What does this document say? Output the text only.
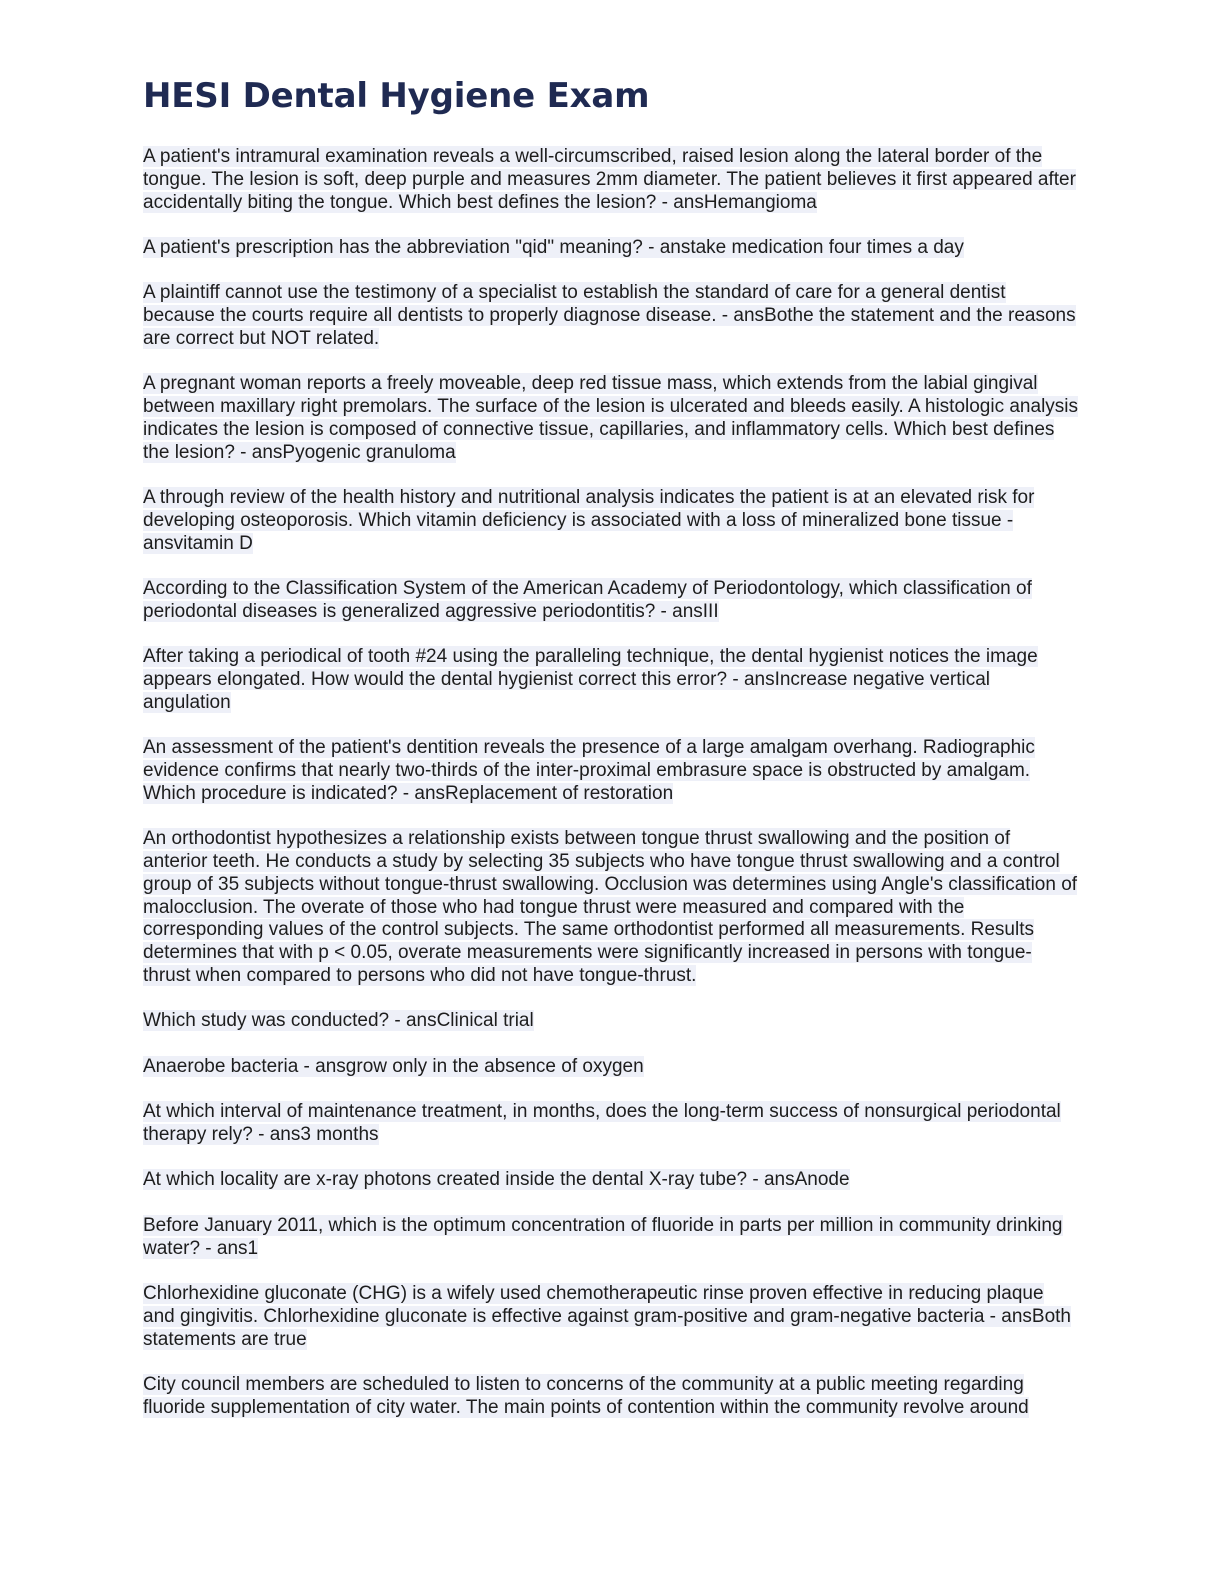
HESI Dental Hygiene Exam

A patient's intramural examination reveals a well-circumscribed, raised lesion along the lateral border of the tongue. The lesion is soft, deep purple and measures 2mm diameter. The patient believes it first appeared after accidentally biting the tongue. Which best defines the lesion? - ansHemangioma

A patient's prescription has the abbreviation "qid" meaning? - anstake medication four times a day

A plaintiff cannot use the testimony of a specialist to establish the standard of care for a general dentist because the courts require all dentists to properly diagnose disease. - ansBothe the statement and the reasons are correct but NOT related.

A pregnant woman reports a freely moveable, deep red tissue mass, which extends from the labial gingival between maxillary right premolars. The surface of the lesion is ulcerated and bleeds easily. A histologic analysis indicates the lesion is composed of connective tissue, capillaries, and inflammatory cells. Which best defines the lesion? - ansPyogenic granuloma

A through review of the health history and nutritional analysis indicates the patient is at an elevated risk for developing osteoporosis. Which vitamin deficiency is associated with a loss of mineralized bone tissue - ansvitamin D

According to the Classification System of the American Academy of Periodontology, which classification of periodontal diseases is generalized aggressive periodontitis? - ansIII

After taking a periodical of tooth #24 using the paralleling technique, the dental hygienist notices the image appears elongated. How would the dental hygienist correct this error? - ansIncrease negative vertical angulation

An assessment of the patient's dentition reveals the presence of a large amalgam overhang. Radiographic evidence confirms that nearly two-thirds of the inter-proximal embrasure space is obstructed by amalgam. Which procedure is indicated? - ansReplacement of restoration

An orthodontist hypothesizes a relationship exists between tongue thrust swallowing and the position of anterior teeth. He conducts a study by selecting 35 subjects who have tongue thrust swallowing and a control group of 35 subjects without tongue-thrust swallowing. Occlusion was determines using Angle's classification of malocclusion. The overate of those who had tongue thrust were measured and compared with the corresponding values of the control subjects. The same orthodontist performed all measurements. Results determines that with p < 0.05, overate measurements were significantly increased in persons with tongue-thrust when compared to persons who did not have tongue-thrust.

Which study was conducted? - ansClinical trial

Anaerobe bacteria - ansgrow only in the absence of oxygen

At which interval of maintenance treatment, in months, does the long-term success of nonsurgical periodontal therapy rely? - ans3 months

At which locality are x-ray photons created inside the dental X-ray tube? - ansAnode

Before January 2011, which is the optimum concentration of fluoride in parts per million in community drinking water? - ans1

Chlorhexidine gluconate (CHG) is a wifely used chemotherapeutic rinse proven effective in reducing plaque and gingivitis. Chlorhexidine gluconate is effective against gram-positive and gram-negative bacteria - ansBoth statements are true

City council members are scheduled to listen to concerns of the community at a public meeting regarding fluoride supplementation of city water. The main points of contention within the community revolve around
